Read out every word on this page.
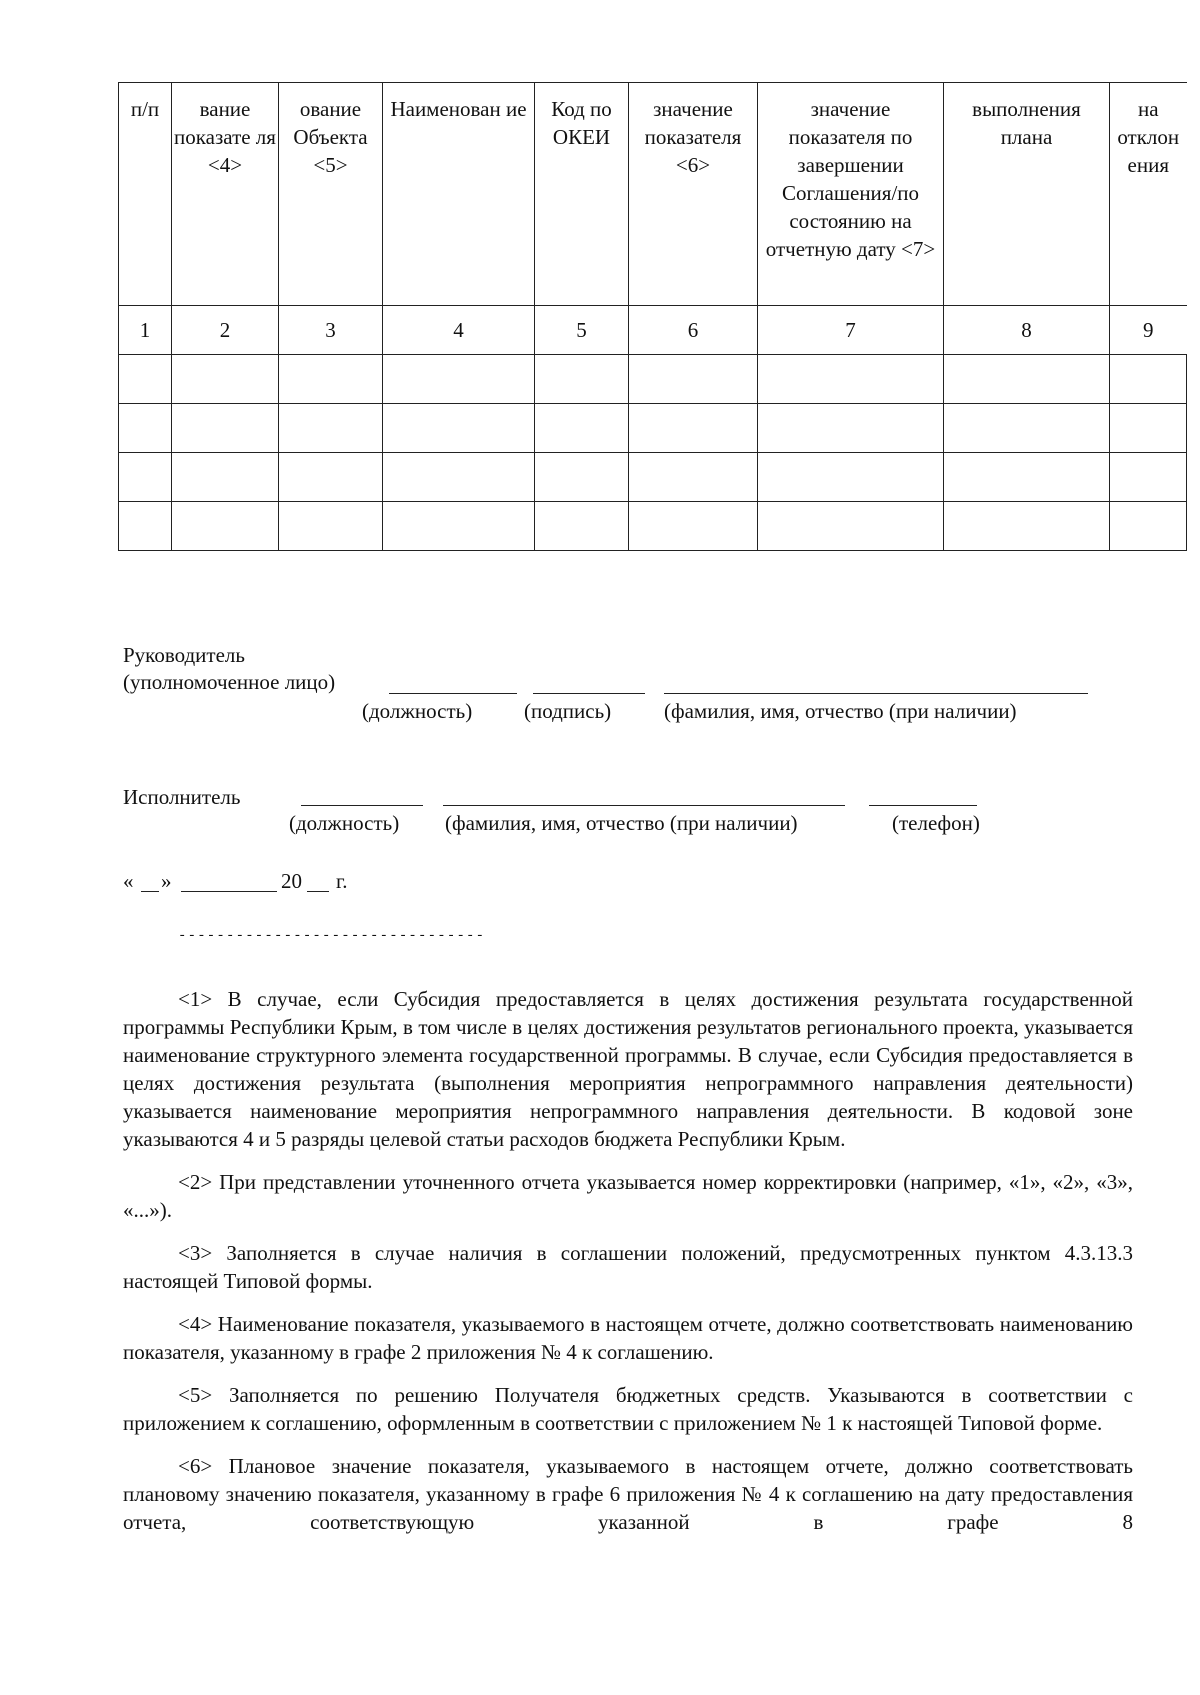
п/п	вание показате ля <4>	ование Объекта <5>	Наименован ие	Код по ОКЕИ	значение показателя <6>	значение показателя по завершении Соглашения/по состоянию на отчетную дату <7>	выполнения плана	на отклон ения
1	2	3	4	5	6	7	8	9

Руководитель
(уполномоченное лицо)
(должность) (подпись)	(фамилия, имя, отчество (при наличии)
Исполнитель
(должность) (фамилия, имя, отчество (при наличии)	(телефон)
« »	20 г.
--------------------------------

<1> В случае, если Субсидия предоставляется в целях достижения результата государственной программы Республики Крым, в том числе в целях достижения результатов регионального проекта, указывается наименование структурного элемента государственной программы. В случае, если Субсидия предоставляется в целях достижения результата (выполнения мероприятия непрограммного направления деятельности) указывается наименование мероприятия непрограммного направления деятельности. В кодовой зоне указываются 4 и 5 разряды целевой статьи расходов бюджета Республики Крым.

<2> При представлении уточненного отчета указывается номер корректировки (например, «1», «2», «3», «...»).

<3> Заполняется в случае наличия в соглашении положений, предусмотренных пунктом 4.3.13.3 настоящей Типовой формы.

<4> Наименование показателя, указываемого в настоящем отчете, должно соответствовать наименованию показателя, указанному в графе 2 приложения № 4 к соглашению.

<5> Заполняется по решению Получателя бюджетных средств. Указываются в соответствии с приложением к соглашению, оформленным в соответствии с приложением № 1 к настоящей Типовой форме.

<6> Плановое значение показателя, указываемого в настоящем отчете, должно соответствовать плановому значению показателя, указанному в графе 6 приложения № 4 к соглашению на дату предоставления отчета, соответствующую указанной в графе 8
